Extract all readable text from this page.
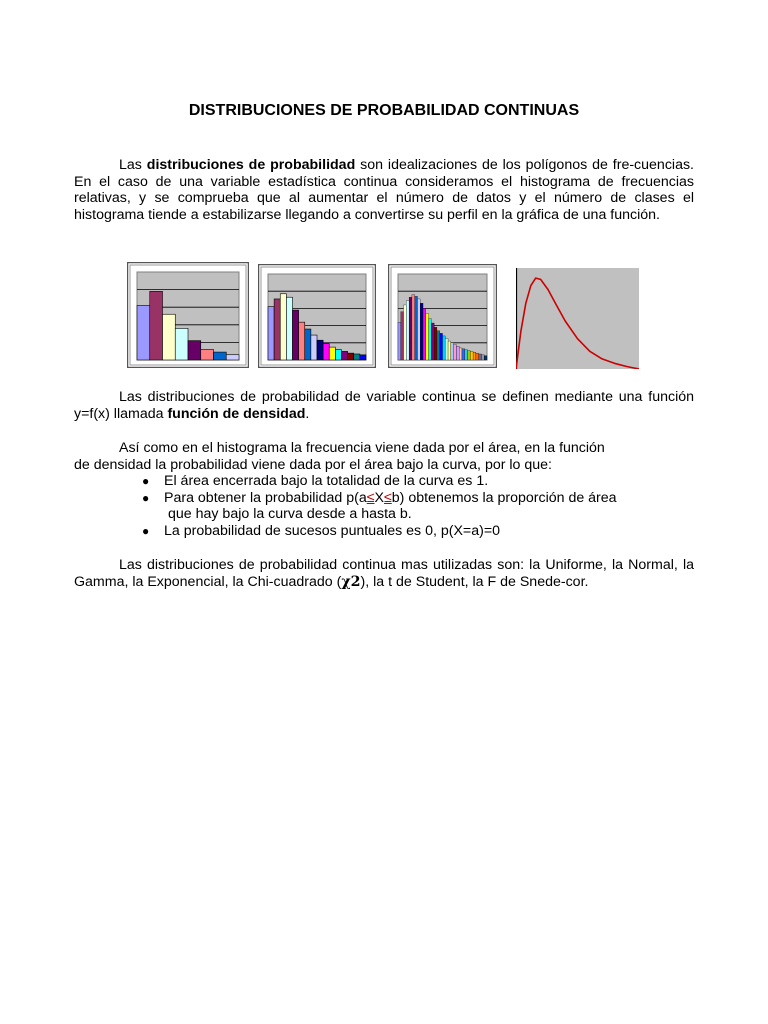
DISTRIBUCIONES DE PROBABILIDAD CONTINUAS
Las distribuciones de probabilidad son idealizaciones de los polígonos de fre-cuencias. En el caso de una variable estadística continua consideramos el histograma de frecuencias relativas, y se comprueba que al aumentar el número de datos y el número de clases el histograma tiende a estabilizarse llegando a convertirse su perfil en la gráfica de una función.
Las distribuciones de probabilidad de variable continua se definen mediante una función y=f(x) llamada función de densidad.
Así como en el histograma la frecuencia viene dada por el área, en la función
de densidad la probabilidad viene dada por el área bajo la curva, por lo que:
● El área encerrada bajo la totalidad de la curva es 1.
● Para obtener la probabilidad p(a≤X≤b) obtenemos la proporción de área
que hay bajo la curva desde a hasta b.
● La probabilidad de sucesos puntuales es 0, p(X=a)=0
Las distribuciones de probabilidad continua mas utilizadas son: la Uniforme, la Normal, la Gamma, la Exponencial, la Chi-cuadrado (χ2), la t de Student, la F de Snede-cor.
